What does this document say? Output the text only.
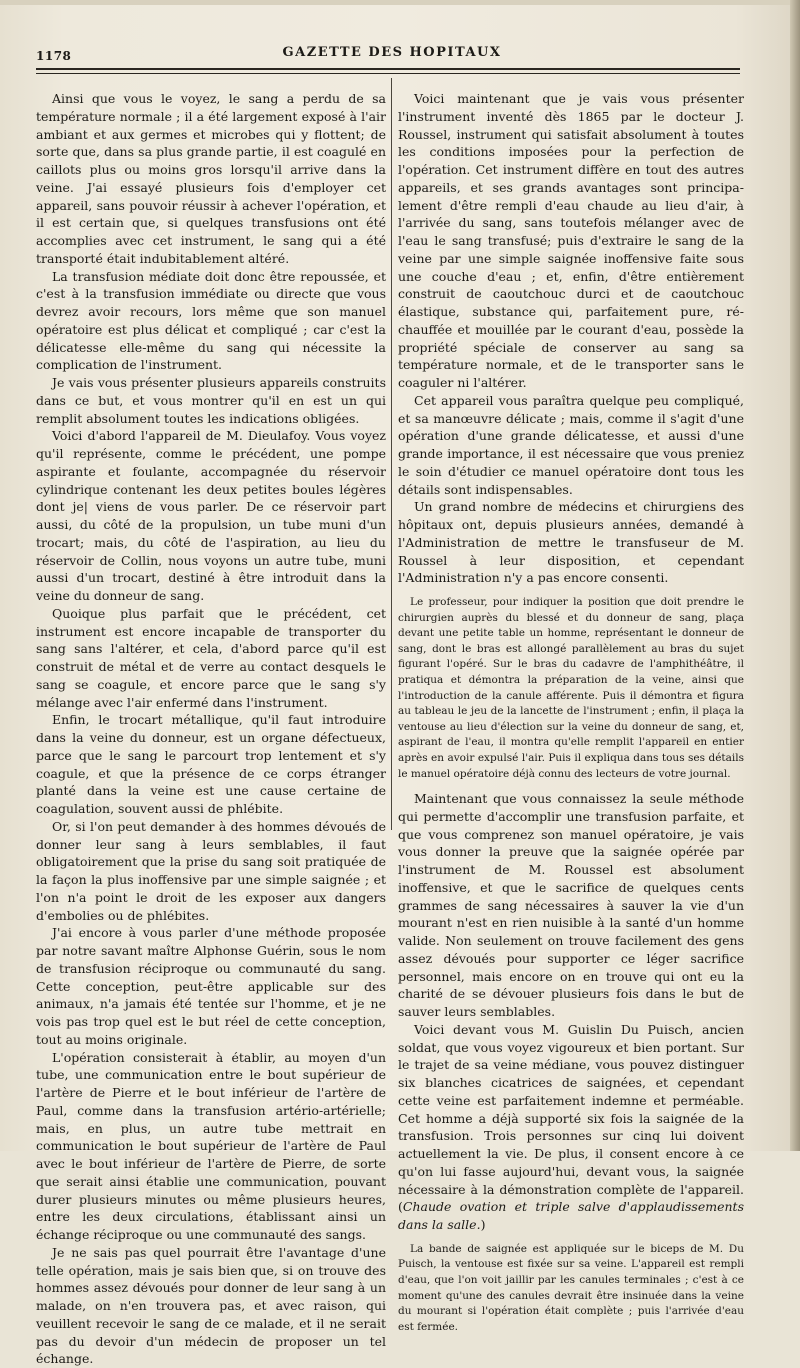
1178	GAZETTE DES HOPITAUX

Ainsi que vous le voyez, le sang a perdu de sa température normale ; il a été largement exposé à l'air ambiant et aux germes et microbes qui y flottent; de sorte que, dans sa plus grande partie, il est coagulé en caillots plus ou moins gros lorsqu'il arrive dans la veine. J'ai essayé plusieurs fois d'employer cet appareil, sans pouvoir réussir à achever l'opération, et il est certain que, si quelques transfusions ont été accomplies avec cet instrument, le sang qui a été transporté était indubitablement altéré.

La transfusion médiate doit donc être repoussée, et c'est à la transfusion immédiate ou directe que vous devrez avoir recours, lors même que son manuel opératoire est plus délicat et compliqué ; car c'est la délicatesse elle-même du sang qui nécessite la complication de l'instrument.

Je vais vous présenter plusieurs appareils construits dans ce but, et vous montrer qu'il en est un qui remplit absolument toutes les indications obligées.

Voici d'abord l'appareil de M. Dieulafoy. Vous voyez qu'il représente, comme le précédent, une pompe aspirante et foulante, accompagnée du réservoir cylindrique contenant les deux petites boules légères dont je| viens de vous parler. De ce réservoir part aussi, du côté de la propulsion, un tube muni d'un trocart; mais, du côté de l'aspiration, au lieu du réservoir de Collin, nous voyons un autre tube, muni aussi d'un trocart, destiné à être introduit dans la veine du donneur de sang.

Quoique plus parfait que le précédent, cet instrument est encore incapable de transporter du sang sans l'altérer, et cela, d'abord parce qu'il est construit de métal et de verre au contact desquels le sang se coagule, et encore parce que le sang s'y mélange avec l'air enfermé dans l'instrument.

Enfin, le trocart métallique, qu'il faut introduire dans la veine du donneur, est un organe défectueux, parce que le sang le parcourt trop lentement et s'y coagule, et que la présence de ce corps étranger planté dans la veine est une cause certaine de coagulation, souvent aussi de phlébite.

Or, si l'on peut demander à des hommes dévoués de donner leur sang à leurs semblables, il faut obligatoirement que la prise du sang soit pratiquée de la façon la plus inoffensive par une simple saignée ; et l'on n'a point le droit de les exposer aux dangers d'embolies ou de phlébites.

J'ai encore à vous parler d'une méthode proposée par notre savant maître Alphonse Guérin, sous le nom de transfusion réciproque ou communauté du sang. Cette conception, peut-être applicable sur des animaux, n'a jamais été tentée sur l'homme, et je ne vois pas trop quel est le but réel de cette conception, tout au moins originale.

L'opération consisterait à établir, au moyen d'un tube, une communication entre le bout supérieur de l'artère de Pierre et le bout inférieur de l'artère de Paul, comme dans la transfusion artério-artérielle; mais, en plus, un autre tube mettrait en communication le bout supérieur de l'artère de Paul avec le bout inférieur de l'artère de Pierre, de sorte que serait ainsi établie une communication, pouvant durer plusieurs minutes ou même plusieurs heures, entre les deux circulations, établissant ainsi un échange réciproque ou une communauté des sangs.

Je ne sais pas quel pourrait être l'avantage d'une telle opération, mais je sais bien que, si on trouve des hommes assez dévoués pour donner de leur sang à un malade, on n'en trouvera pas, et avec raison, qui veuillent recevoir le sang de ce malade, et il ne serait pas du devoir d'un médecin de proposer un tel échange.

Voici maintenant que je vais vous présenter l'instrument inventé dès 1865 par le docteur J. Roussel, instrument qui satisfait absolument à toutes les conditions imposées pour la perfection de l'opération. Cet instrument diffère en tout des autres appareils, et ses grands avantages sont principalement d'être rempli d'eau chaude au lieu d'air, à l'arrivée du sang, sans toutefois mélanger avec de l'eau le sang transfusé; puis d'extraire le sang de la veine par une simple saignée inoffensive faite sous une couche d'eau ; et, enfin, d'être entièrement construit de caoutchouc durci et de caoutchouc élastique, substance qui, parfaitement pure, réchauffée et mouillée par le courant d'eau, possède la propriété spéciale de conserver au sang sa température normale, et de le transporter sans le coaguler ni l'altérer.

Cet appareil vous paraîtra quelque peu compliqué, et sa manœuvre délicate ; mais, comme il s'agit d'une opération d'une grande délicatesse, et aussi d'une grande importance, il est nécessaire que vous preniez le soin d'étudier ce manuel opératoire dont tous les détails sont indispensables.

Un grand nombre de médecins et chirurgiens des hôpitaux ont, depuis plusieurs années, demandé à l'Administration de mettre le transfuseur de M. Roussel à leur disposition, et cependant l'Administration n'y a pas encore consenti.

Le professeur, pour indiquer la position que doit prendre le chirurgien auprès du blessé et du donneur de sang, plaça devant une petite table un homme, représentant le donneur de sang, dont le bras est allongé parallèlement au bras du sujet figurant l'opéré. Sur le bras du cadavre de l'amphithéâtre, il pratiqua et démontra la préparation de la veine, ainsi que l'introduction de la canule afférente. Puis il démontra et figura au tableau le jeu de la lancette de l'instrument ; enfin, il plaça la ventouse au lieu d'élection sur la veine du donneur de sang, et, aspirant de l'eau, il montra qu'elle remplit l'appareil en entier après en avoir expulsé l'air. Puis il expliqua dans tous ses détails le manuel opératoire déjà connu des lecteurs de votre journal.

Maintenant que vous connaissez la seule méthode qui permette d'accomplir une transfusion parfaite, et que vous comprenez son manuel opératoire, je vais vous donner la preuve que la saignée opérée par l'instrument de M. Roussel est absolument inoffensive, et que le sacrifice de quelques cents grammes de sang nécessaires à sauver la vie d'un mourant n'est en rien nuisible à la santé d'un homme valide. Non seulement on trouve facilement des gens assez dévoués pour supporter ce léger sacrifice personnel, mais encore on en trouve qui ont eu la charité de se dévouer plusieurs fois dans le but de sauver leurs semblables.

Voici devant vous M. Guislin Du Puisch, ancien soldat, que vous voyez vigoureux et bien portant. Sur le trajet de sa veine médiane, vous pouvez distinguer six blanches cicatrices de saignées, et cependant cette veine est parfaitement indemne et perméable. Cet homme a déjà supporté six fois la saignée de la transfusion. Trois personnes sur cinq lui doivent actuellement la vie. De plus, il consent encore à ce qu'on lui fasse aujourd'hui, devant vous, la saignée nécessaire à la démonstration complète de l'appareil. (Chaude ovation et triple salve d'applaudissements dans la salle.)

La bande de saignée est appliquée sur le biceps de M. Du Puisch, la ventouse est fixée sur sa veine. L'appareil est rempli d'eau, que l'on voit jaillir par les canules terminales ; c'est à ce moment qu'une des canules devrait être insinuée dans la veine du mourant si l'opération était complète ; puis l'arrivée d'eau est fermée.
